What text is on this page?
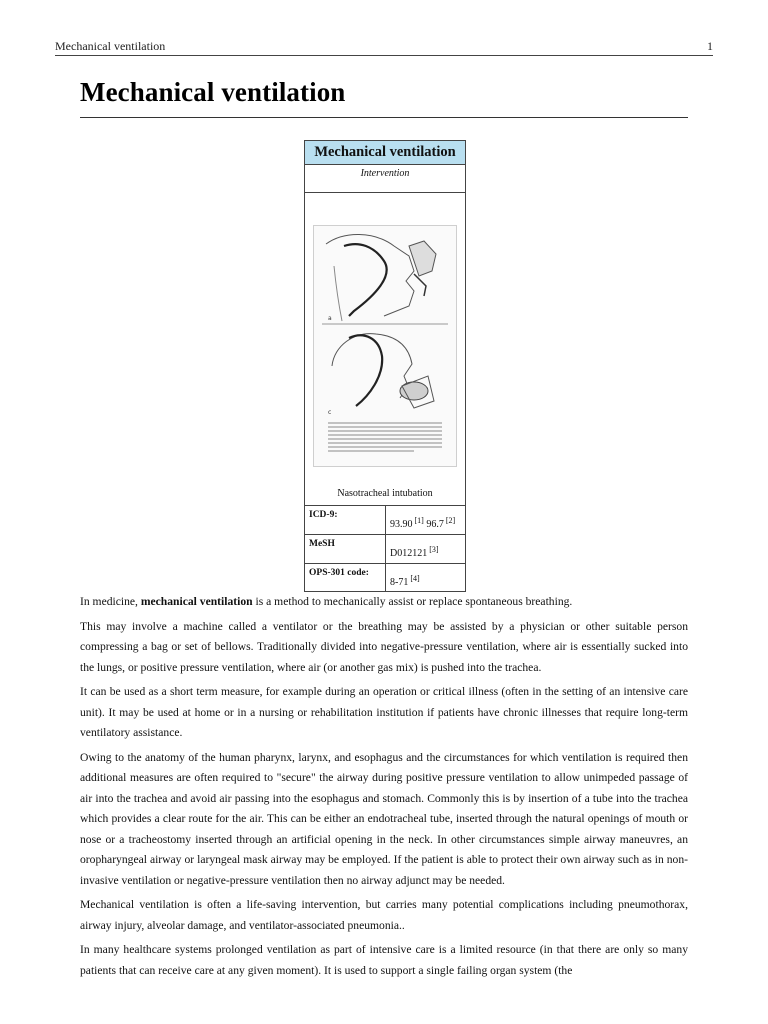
Mechanical ventilation	1
Mechanical ventilation
Mechanical ventilation
Intervention
a
c
Nasotracheal intubation
ICD-9:
93.90 [1] 96.7 [2]
MeSH
D012121 [3]
OPS-301 code:
8-71 [4]

In medicine, mechanical ventilation is a method to mechanically assist or replace spontaneous breathing.

This may involve a machine called a ventilator or the breathing may be assisted by a physician or other suitable person compressing a bag or set of bellows. Traditionally divided into negative-pressure ventilation, where air is essentially sucked into the lungs, or positive pressure ventilation, where air (or another gas mix) is pushed into the trachea.

It can be used as a short term measure, for example during an operation or critical illness (often in the setting of an intensive care unit). It may be used at home or in a nursing or rehabilitation institution if patients have chronic illnesses that require long-term ventilatory assistance.

Owing to the anatomy of the human pharynx, larynx, and esophagus and the circumstances for which ventilation is required then additional measures are often required to "secure" the airway during positive pressure ventilation to allow unimpeded passage of air into the trachea and avoid air passing into the esophagus and stomach. Commonly this is by insertion of a tube into the trachea which provides a clear route for the air. This can be either an endotracheal tube, inserted through the natural openings of mouth or nose or a tracheostomy inserted through an artificial opening in the neck. In other circumstances simple airway maneuvres, an oropharyngeal airway or laryngeal mask airway may be employed. If the patient is able to protect their own airway such as in non-invasive ventilation or negative-pressure ventilation then no airway adjunct may be needed.

Mechanical ventilation is often a life-saving intervention, but carries many potential complications including pneumothorax, airway injury, alveolar damage, and ventilator-associated pneumonia..

In many healthcare systems prolonged ventilation as part of intensive care is a limited resource (in that there are only so many patients that can receive care at any given moment). It is used to support a single failing organ system (the
